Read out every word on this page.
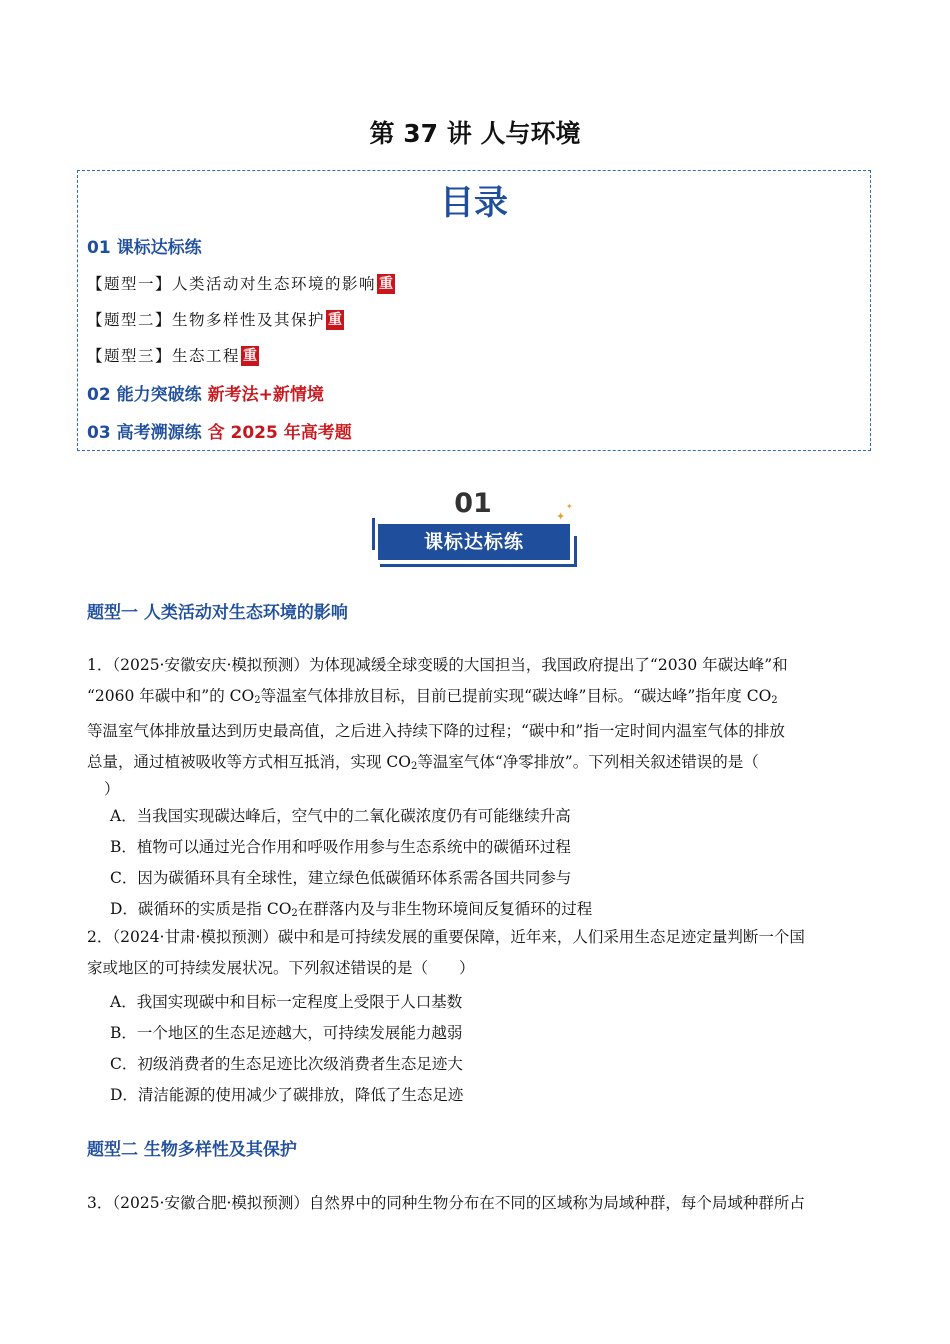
第 37 讲 人与环境
目录
01 课标达标练
【题型一】人类活动对生态环境的影响 重
【题型二】生物多样性及其保护 重
【题型三】生态工程 重
02 能力突破练 新考法+新情境
03 高考溯源练 含 2025 年高考题
01
课标达标练
✦
✦
题型一 人类活动对生态环境的影响
1．（2025·安徽安庆·模拟预测）为体现减缓全球变暖的大国担当，我国政府提出了“2030 年碳达峰”和
“2060 年碳中和”的 $CO_2$等温室气体排放目标，目前已提前实现“碳达峰”目标。“碳达峰”指年度 $CO_2$
等温室气体排放量达到历史最高值，之后进入持续下降的过程；“碳中和”指一定时间内温室气体的排放
总量，通过植被吸收等方式相互抵消，实现 $CO_2$等温室气体“净零排放”。下列相关叙述错误的是（
）
A．当我国实现碳达峰后，空气中的二氧化碳浓度仍有可能继续升高
B．植物可以通过光合作用和呼吸作用参与生态系统中的碳循环过程
C．因为碳循环具有全球性，建立绿色低碳循环体系需各国共同参与
D．碳循环的实质是指 $CO_2$在群落内及与非生物环境间反复循环的过程
2．（2024·甘肃·模拟预测）碳中和是可持续发展的重要保障，近年来，人们采用生态足迹定量判断一个国
家或地区的可持续发展状况。下列叙述错误的是（　　）
A．我国实现碳中和目标一定程度上受限于人口基数
B．一个地区的生态足迹越大，可持续发展能力越弱
C．初级消费者的生态足迹比次级消费者生态足迹大
D．清洁能源的使用减少了碳排放，降低了生态足迹
题型二 生物多样性及其保护
3．（2025·安徽合肥·模拟预测）自然界中的同种生物分布在不同的区域称为局域种群，每个局域种群所占
